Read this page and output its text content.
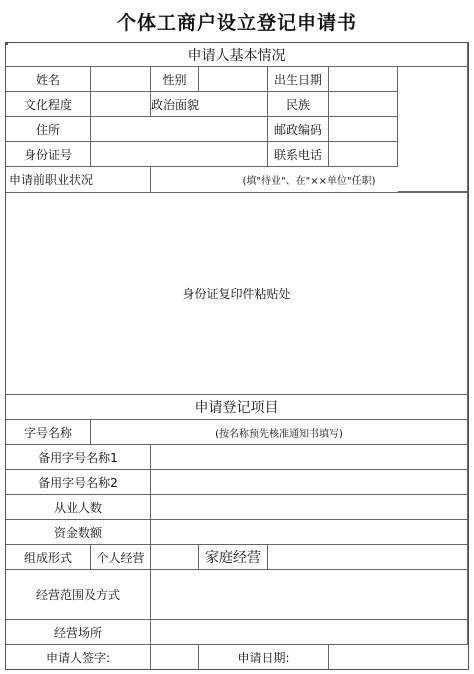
个体工商户设立登记申请书
申请人基本情况
姓名	性别	出生日期
文化程度	政治面貌	民族
住所	邮政编码
身份证号	联系电话
申请前职业状况	(填"待业"、在"××单位"任职)
身份证复印件粘贴处
申请登记项目
字号名称	(按名称预先核准通知书填写)
备用字号名称1
备用字号名称2
从业人数
资金数额
组成形式	个人经营	家庭经营
经营范围及方式
经营场所
申请人签字:	申请日期:
